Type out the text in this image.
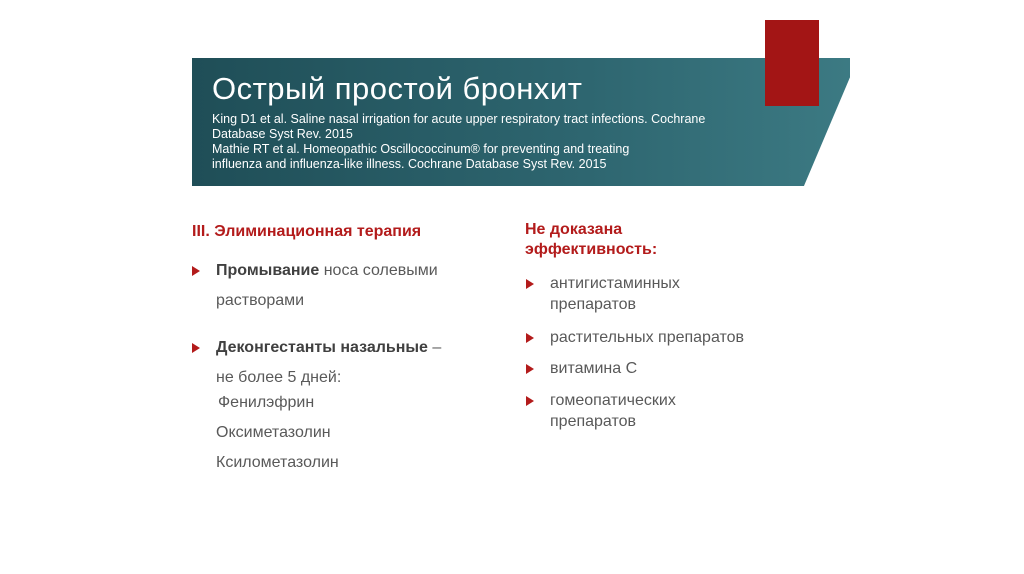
Острый простой бронхит
King D1 et al. Saline nasal irrigation for acute upper respiratory tract infections. Cochrane
Database Syst Rev. 2015
Mathie RT et al. Homeopathic Oscillococcinum® for preventing and treating
influenza and influenza-like illness. Cochrane Database Syst Rev. 2015
III. Элиминационная терапия
Промывание носа солевыми
растворами
Деконгестанты назальные –
не более 5 дней:
Фенилэфрин
Оксиметазолин
Ксилометазолин
Не доказана
эффективность:
антигистаминных
препаратов
растительных препаратов
витамина С
гомеопатических
препаратов
